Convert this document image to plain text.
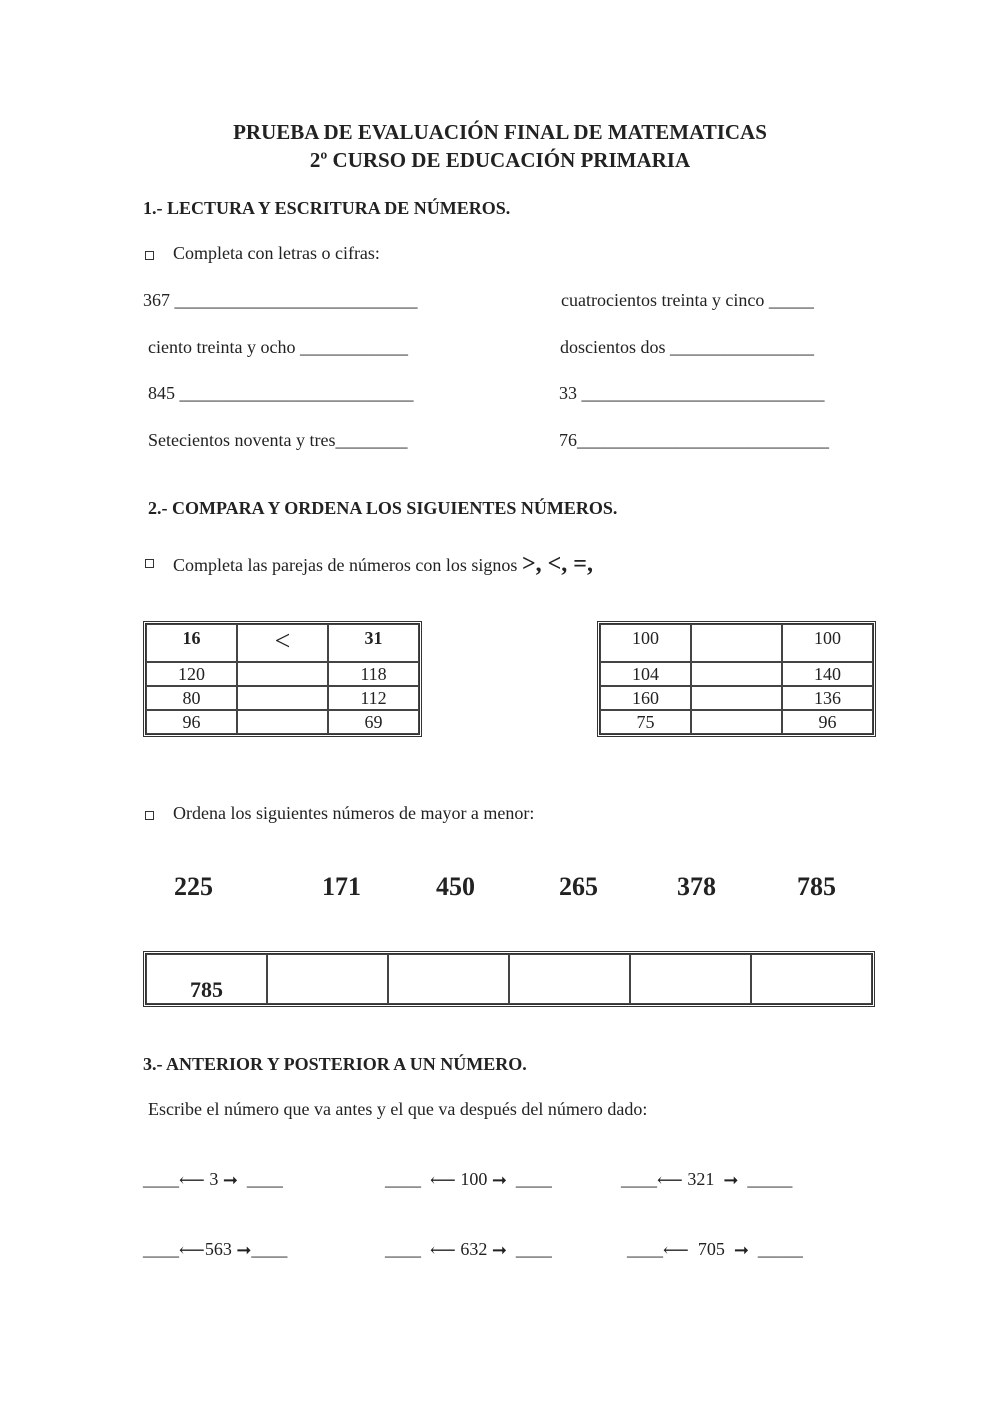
PRUEBA DE EVALUACIÓN FINAL DE MATEMATICAS
2º CURSO DE EDUCACIÓN PRIMARIA
1.- LECTURA Y ESCRITURA DE NÚMEROS.
Completa con letras o cifras:
367 ___________________________	cuatrocientos treinta y cinco _____
ciento treinta y ocho ____________	doscientos dos ________________
845 __________________________	33 ___________________________
Setecientos noventa y tres________	76____________________________
2.- COMPARA Y ORDENA LOS SIGUIENTES NÚMEROS.
Completa las parejas de números con los signos >, <, =,
16	<	31
120		118
80		112
96		69
100		100
104		140
160		136
75		96
Ordena los siguientes números de mayor a menor:
225	171	450	265	378	785
785					
3.- ANTERIOR Y POSTERIOR A UN NÚMERO.
Escribe el número que va antes y el que va después del número dado:
____⟵ 3 ➞ ____	____ ⟵ 100 ➞ ____	____⟵ 321 ➞ _____
____⟵563 ➞____	____ ⟵ 632 ➞ ____	____⟵ 705 ➞ _____
